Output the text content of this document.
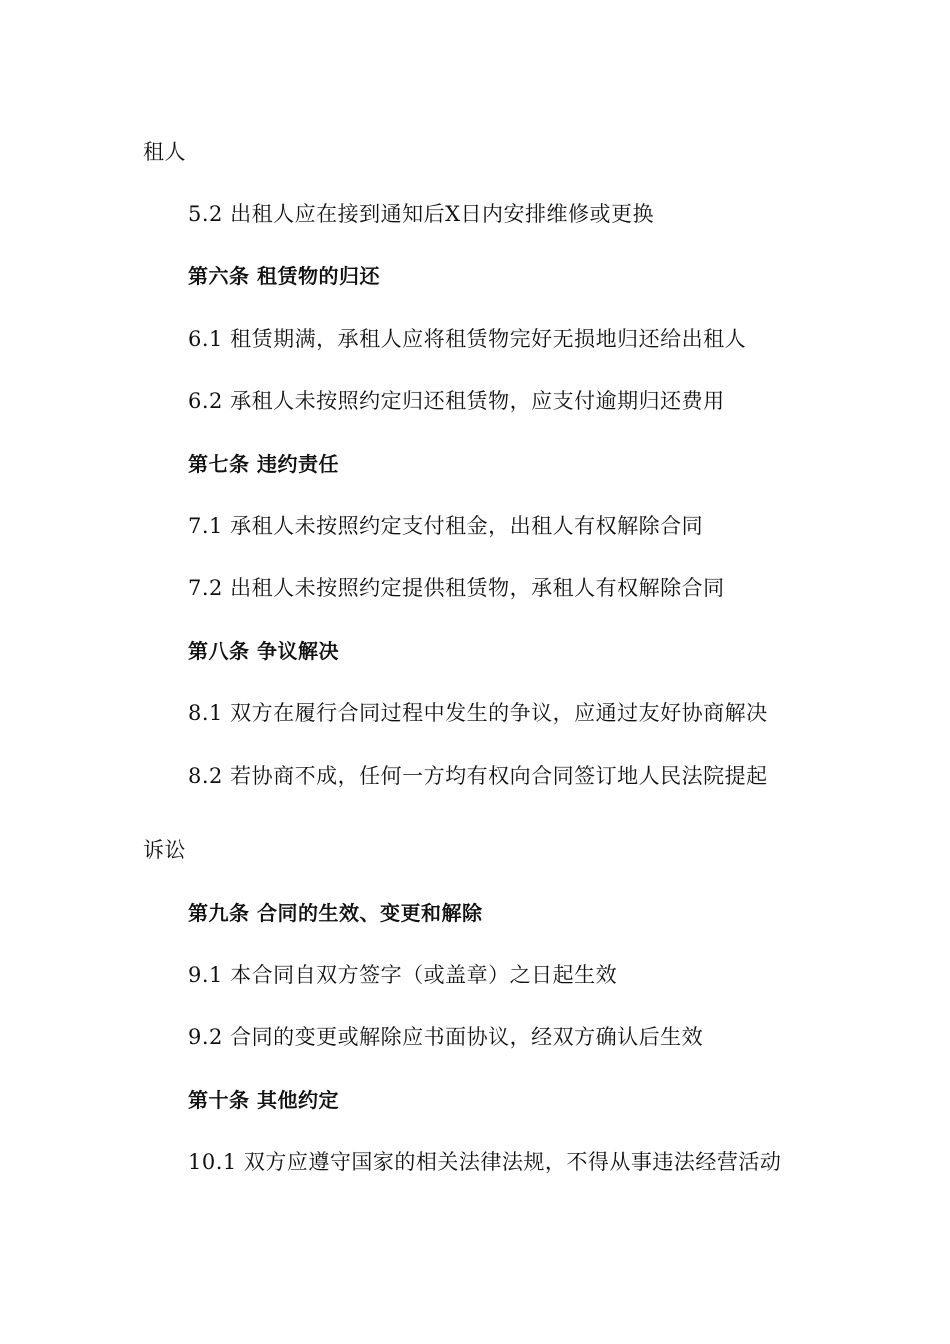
租人
5.2 出租人应在接到通知后X日内安排维修或更换
第六条 租赁物的归还
6.1 租赁期满，承租人应将租赁物完好无损地归还给出租人
6.2 承租人未按照约定归还租赁物，应支付逾期归还费用
第七条 违约责任
7.1 承租人未按照约定支付租金，出租人有权解除合同
7.2 出租人未按照约定提供租赁物，承租人有权解除合同
第八条 争议解决
8.1 双方在履行合同过程中发生的争议，应通过友好协商解决
8.2 若协商不成，任何一方均有权向合同签订地人民法院提起
诉讼
第九条 合同的生效、变更和解除
9.1 本合同自双方签字（或盖章）之日起生效
9.2 合同的变更或解除应书面协议，经双方确认后生效
第十条 其他约定
10.1 双方应遵守国家的相关法律法规，不得从事违法经营活动
